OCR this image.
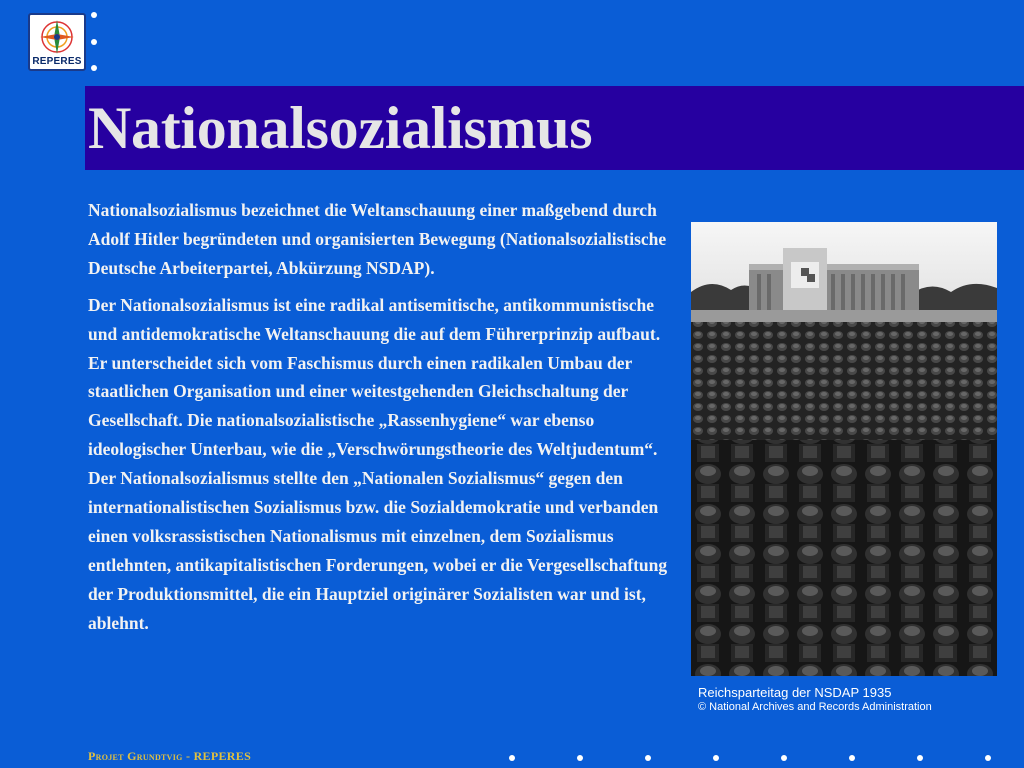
REPERES
Nationalsozialismus

Nationalsozialismus bezeichnet die Weltanschauung einer maßgebend durch Adolf Hitler begründeten und organisierten Bewegung (Nationalsozialistische Deutsche Arbeiterpartei, Abkürzung NSDAP).

Der Nationalsozialismus ist eine radikal antisemitische, antikommunistische und antidemokratische Weltanschauung die auf dem Führerprinzip aufbaut. Er unterscheidet sich vom Faschismus durch einen radikalen Umbau der staatlichen Organisation und einer weitestgehenden Gleichschaltung der Gesellschaft. Die nationalsozialistische „Rassenhygiene“ war ebenso ideologischer Unterbau, wie die „Verschwörungstheorie des Weltjudentum“.

Der Nationalsozialismus stellte den „Nationalen Sozialismus“ gegen den internationalistischen Sozialismus bzw. die Sozialdemokratie und verbanden einen volksrassistischen Nationalismus mit einzelnen, dem Sozialismus entlehnten, antikapitalistischen Forderungen, wobei er die Vergesellschaftung der Produktionsmittel, die ein Hauptziel originärer Sozialisten war und ist, ablehnt.

Reichsparteitag der NSDAP 1935
© National Archives and Records Administration
Projet Grundtvig - REPERES
